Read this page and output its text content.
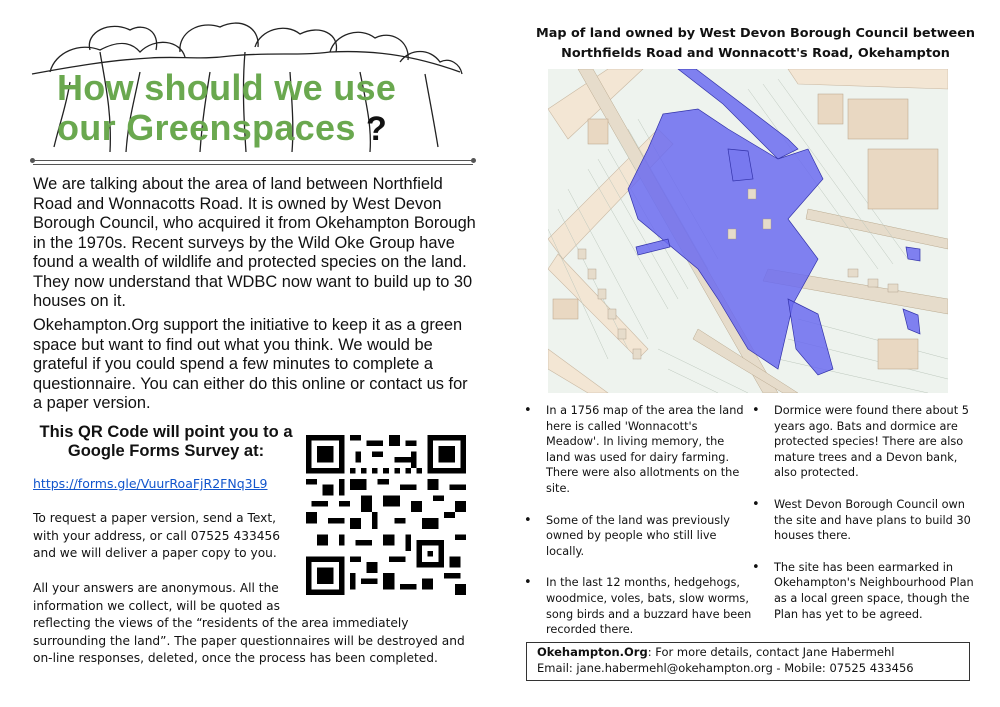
How should we use
our Greenspaces ?
We are talking about the area of land between Northfield Road and Wonnacotts Road. It is owned by West Devon Borough Council, who acquired it from Okehampton Borough in the 1970s. Recent surveys by the Wild Oke Group have found a wealth of wildlife and protected species on the land. They now understand that WDBC now want to build up to 30 houses on it.
Okehampton.Org support the initiative to keep it as a green space but want to find out what you think. We would be grateful if you could spend a few minutes to complete a questionnaire. You can either do this online or contact us for a paper version.
This QR Code will point you to a Google Forms Survey at:
https://forms.gle/VuurRoaFjR2FNq3L9
To request a paper version, send a Text, with your address, or call 07525 433456 and we will deliver a paper copy to you.
All your answers are anonymous. All the information we collect, will be quoted as
reflecting the views of the “residents of the area immediately surrounding the land”. The paper questionnaires will be destroyed and on-line responses, deleted, once the process has been completed.
Map of land owned by West Devon Borough Council between Northfields Road and Wonnacott's Road, Okehampton
• In a 1756 map of the area the land here is called 'Wonnacott's Meadow'. In living memory, the land was used for dairy farming. There were also allotments on the site.
• Some of the land was previously owned by people who still live locally.
• In the last 12 months, hedgehogs, woodmice, voles, bats, slow worms, song birds and a buzzard have been recorded there.
• Dormice were found there about 5 years ago. Bats and dormice are protected species! There are also mature trees and a Devon bank, also protected.
• West Devon Borough Council own the site and have plans to build 30 houses there.
• The site has been earmarked in Okehampton's Neighbourhood Plan as a local green space, though the Plan has yet to be agreed.
Okehampton.Org: For more details, contact Jane Habermehl
Email: jane.habermehl@okehampton.org - Mobile: 07525 433456
